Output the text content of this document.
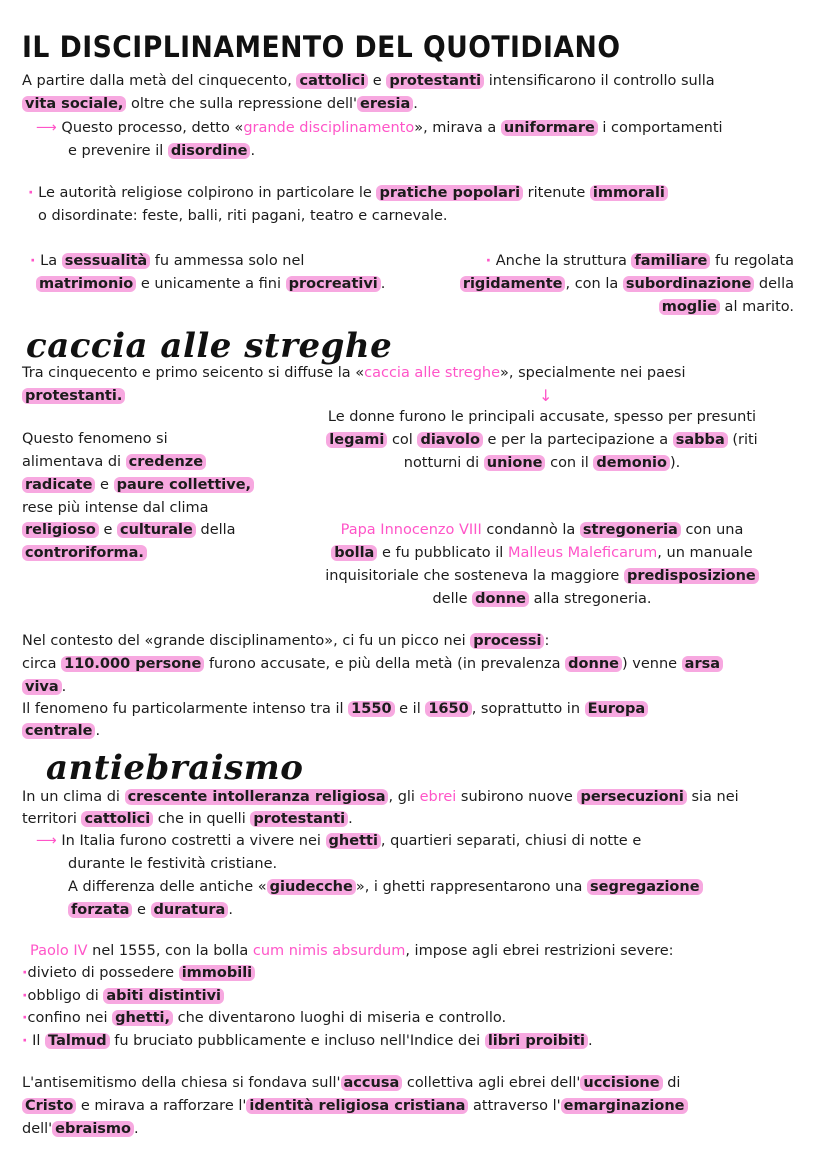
IL DISCIPLINAMENTO DEL QUOTIDIANO
A partire dalla metà del cinquecento, cattolici e protestanti intensificarono il controllo sulla
vita sociale, oltre che sulla repressione dell' eresia .
⟶ Questo processo, detto «grande disciplinamento», mirava a uniformare i comportamenti
e prevenire il disordine .
· Le autorità religiose colpirono in particolare le pratiche popolari ritenute immorali
o disordinate: feste, balli, riti pagani, teatro e carnevale.
· La sessualità fu ammessa solo nel
matrimonio e unicamente a fini procreativi .
· Anche la struttura familiare fu regolata
rigidamente , con la subordinazione della
moglie al marito.
caccia alle streghe
Tra cinquecento e primo seicento si diffuse la «caccia alle streghe», specialmente nei paesi
protestanti.	↓
Le donne furono le principali accusate, spesso per presunti
legami col diavolo e per la partecipazione a sabba (riti
notturni di unione con il demonio ).
Questo fenomeno si
alimentava di credenze
radicate e paure collettive,
rese più intense dal clima
religioso e culturale della
controriforma.
Papa Innocenzo VIII condannò la stregoneria con una
bolla e fu pubblicato il Malleus Maleficarum, un manuale
inquisitoriale che sosteneva la maggiore predisposizione
delle donne alla stregoneria.
Nel contesto del «grande disciplinamento», ci fu un picco nei processi :
circa 110.000 persone furono accusate, e più della metà (in prevalenza donne ) venne arsa
viva .
Il fenomeno fu particolarmente intenso tra il 1550 e il 1650 , soprattutto in Europa
centrale .
antiebraismo
In un clima di crescente intolleranza religiosa , gli ebrei subirono nuove persecuzioni sia nei
territori cattolici che in quelli protestanti .
⟶ In Italia furono costretti a vivere nei ghetti , quartieri separati, chiusi di notte e
durante le festività cristiane.
A differenza delle antiche « giudecche », i ghetti rappresentarono una segregazione
forzata e duratura .
Paolo IV nel 1555, con la bolla cum nimis absurdum, impose agli ebrei restrizioni severe:
·divieto di possedere immobili
·obbligo di abiti distintivi
·confino nei ghetti, che diventarono luoghi di miseria e controllo.
· Il Talmud fu bruciato pubblicamente e incluso nell'Indice dei libri proibiti .
L'antisemitismo della chiesa si fondava sull' accusa collettiva agli ebrei dell' uccisione di
Cristo e mirava a rafforzare l' identità religiosa cristiana attraverso l' emarginazione
dell' ebraismo .
